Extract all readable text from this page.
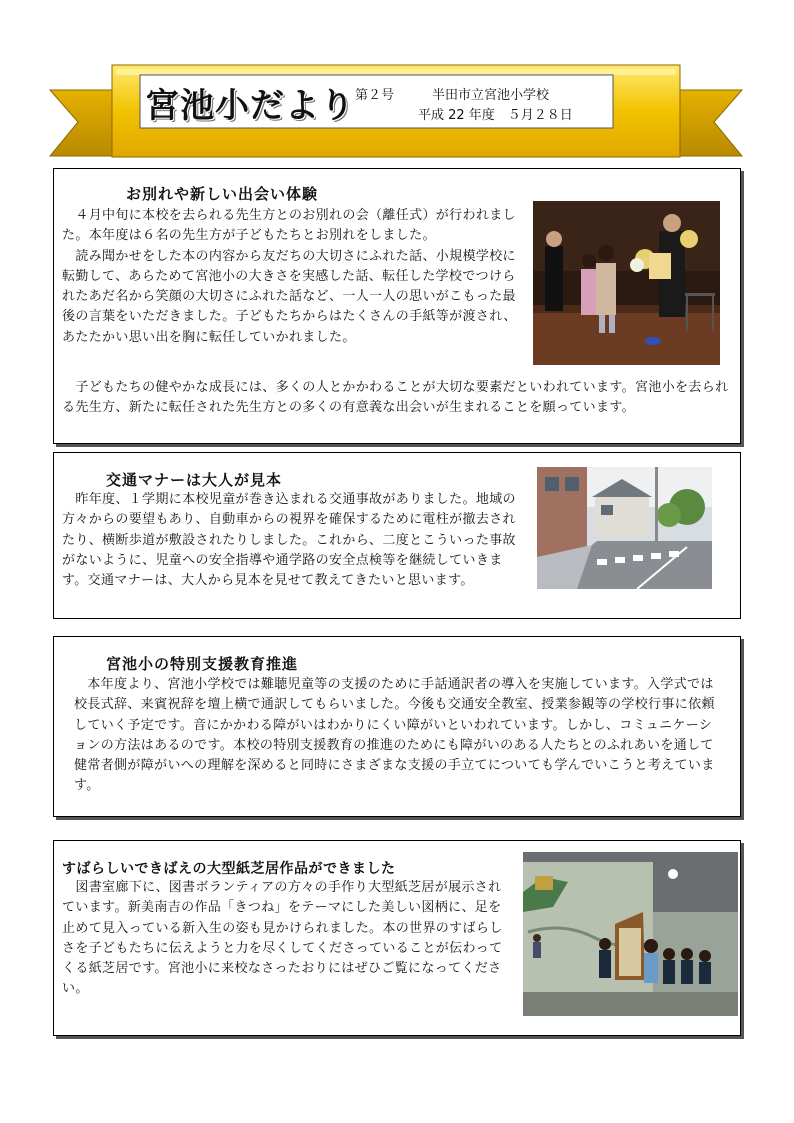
宮池小だより 第２号	半田市立宮池小学校
平成 22 年度　５月２８日
お別れや新しい出会い体験

　４月中旬に本校を去られる先生方とのお別れの会（離任式）が行われました。本年度は６名の先生方が子どもたちとお別れをしました。

　読み聞かせをした本の内容から友だちの大切さにふれた話、小規模学校に転勤して、あらためて宮池小の大きさを実感した話、転任した学校でつけられたあだ名から笑顔の大切さにふれた話など、一人一人の思いがこもった最後の言葉をいただきました。子どもたちからはたくさんの手紙等が渡され、あたたかい思い出を胸に転任していかれました。

　子どもたちの健やかな成長には、多くの人とかかわることが大切な要素だといわれています。宮池小を去られる先生方、新たに転任された先生方との多くの有意義な出会いが生まれることを願っています。
交通マナーは大人が見本

　昨年度、１学期に本校児童が巻き込まれる交通事故がありました。地域の方々からの要望もあり、自動車からの視界を確保するために電柱が撤去されたり、横断歩道が敷設されたりしました。これから、二度とこういった事故がないように、児童への安全指導や通学路の安全点検等を継続していきます。交通マナーは、大人から見本を見せて教えてきたいと思います。

宮池小の特別支援教育推進

　本年度より、宮池小学校では難聴児童等の支援のために手話通訳者の導入を実施しています。入学式では校長式辞、来賓祝辞を壇上横で通訳してもらいました。今後も交通安全教室、授業参観等の学校行事に依頼していく予定です。音にかかわる障がいはわかりにくい障がいといわれています。しかし、コミュニケーションの方法はあるのです。本校の特別支援教育の推進のためにも障がいのある人たちとのふれあいを通して健常者側が障がいへの理解を深めると同時にさまざまな支援の手立てについても学んでいこうと考えています。

すばらしいできばえの大型紙芝居作品ができました

　図書室廊下に、図書ボランティアの方々の手作り大型紙芝居が展示されています。新美南吉の作品「きつね」をテーマにした美しい図柄に、足を止めて見入っている新入生の姿も見かけられました。本の世界のすばらしさを子どもたちに伝えようと力を尽くしてくださっていることが伝わってくる紙芝居です。宮池小に来校なさったおりにはぜひご覧になってください。
